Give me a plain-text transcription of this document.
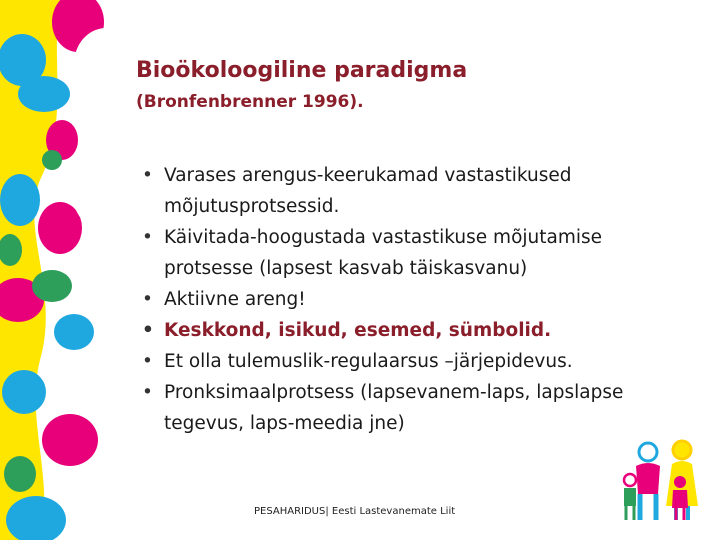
Bioökoloogiline paradigma
(Bronfenbrenner 1996).
• Varases arengus-keerukamad vastastikused mõjutusprotsessid.
• Käivitada-hoogustada vastastikuse mõjutamise protsesse (lapsest kasvab täiskasvanu)
• Aktiivne areng!
• Keskkond, isikud, esemed, sümbolid.
• Et olla tulemuslik-regulaarsus –järjepidevus.
• Pronksimaalprotsess (lapsevanem-laps, lapslapse tegevus, laps-meedia jne)
PESAHARIDUS| Eesti Lastevanemate Liit
